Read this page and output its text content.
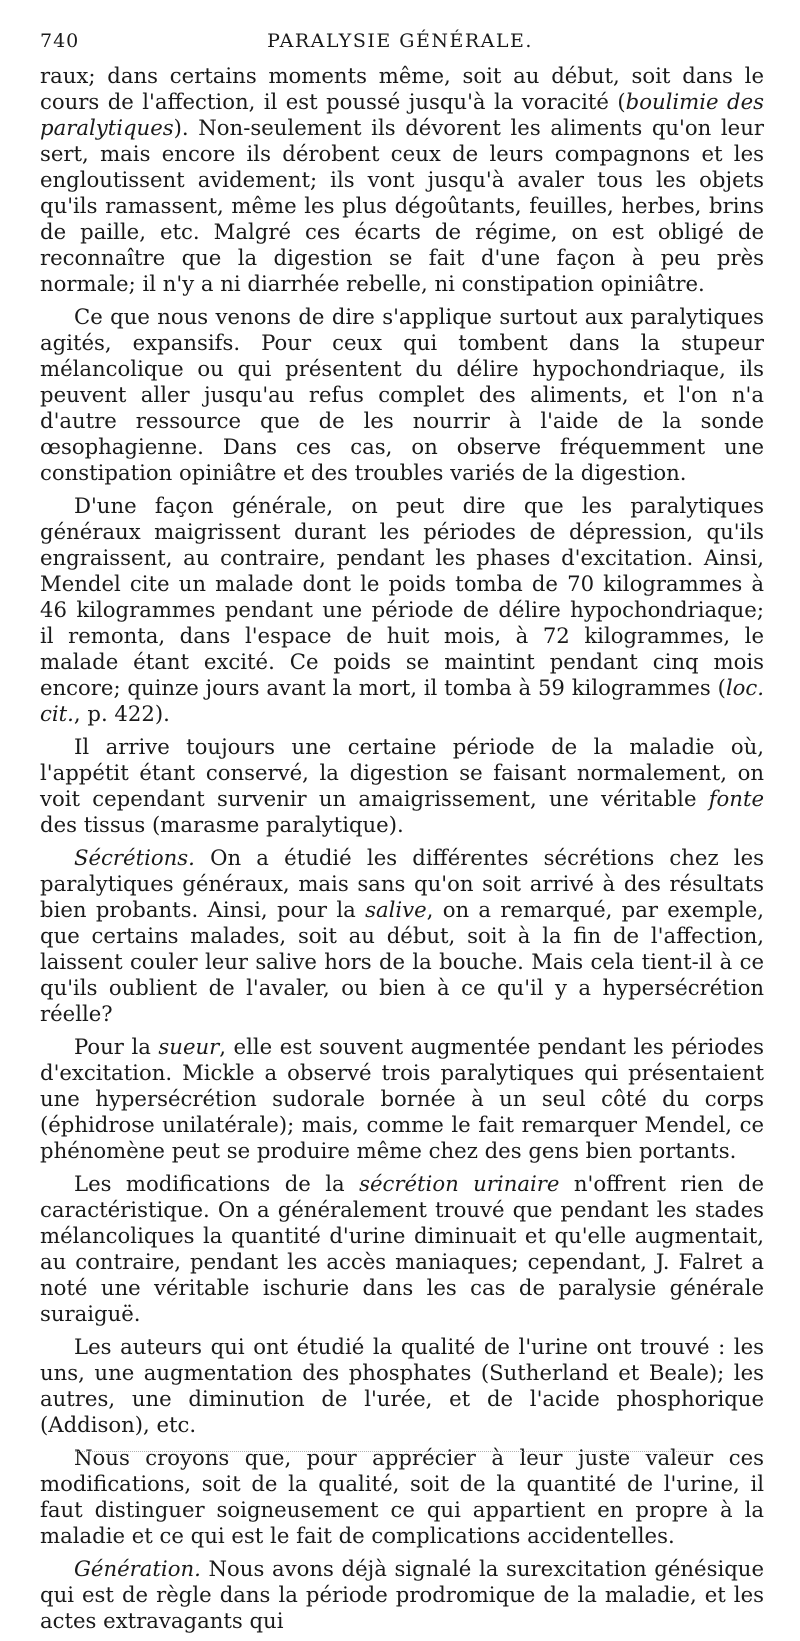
740	PARALYSIE GÉNÉRALE.

raux; dans certains moments même, soit au début, soit dans le cours de l'affection, il est poussé jusqu'à la voracité (boulimie des paralytiques). Non-seulement ils dévorent les aliments qu'on leur sert, mais encore ils dérobent ceux de leurs compagnons et les engloutissent avidement; ils vont jusqu'à avaler tous les objets qu'ils ramassent, même les plus dégoûtants, feuilles, herbes, brins de paille, etc. Malgré ces écarts de régime, on est obligé de reconnaître que la digestion se fait d'une façon à peu près normale; il n'y a ni diarrhée rebelle, ni constipation opiniâtre.

Ce que nous venons de dire s'applique surtout aux paralytiques agités, expansifs. Pour ceux qui tombent dans la stupeur mélancolique ou qui présentent du délire hypochondriaque, ils peuvent aller jusqu'au refus complet des aliments, et l'on n'a d'autre ressource que de les nourrir à l'aide de la sonde œsophagienne. Dans ces cas, on observe fréquemment une constipation opiniâtre et des troubles variés de la digestion.

D'une façon générale, on peut dire que les paralytiques généraux maigrissent durant les périodes de dépression, qu'ils engraissent, au contraire, pendant les phases d'excitation. Ainsi, Mendel cite un malade dont le poids tomba de 70 kilogrammes à 46 kilogrammes pendant une période de délire hypochondriaque; il remonta, dans l'espace de huit mois, à 72 kilogrammes, le malade étant excité. Ce poids se maintint pendant cinq mois encore; quinze jours avant la mort, il tomba à 59 kilogrammes (loc. cit., p. 422).

Il arrive toujours une certaine période de la maladie où, l'appétit étant conservé, la digestion se faisant normalement, on voit cependant survenir un amaigrissement, une véritable fonte des tissus (marasme paralytique).

Sécrétions. On a étudié les différentes sécrétions chez les paralytiques généraux, mais sans qu'on soit arrivé à des résultats bien probants. Ainsi, pour la salive, on a remarqué, par exemple, que certains malades, soit au début, soit à la fin de l'affection, laissent couler leur salive hors de la bouche. Mais cela tient-il à ce qu'ils oublient de l'avaler, ou bien à ce qu'il y a hypersécrétion réelle?

Pour la sueur, elle est souvent augmentée pendant les périodes d'excitation. Mickle a observé trois paralytiques qui présentaient une hypersécrétion sudorale bornée à un seul côté du corps (éphidrose unilatérale); mais, comme le fait remarquer Mendel, ce phénomène peut se produire même chez des gens bien portants.

Les modifications de la sécrétion urinaire n'offrent rien de caractéristique. On a généralement trouvé que pendant les stades mélancoliques la quantité d'urine diminuait et qu'elle augmentait, au contraire, pendant les accès maniaques; cependant, J. Falret a noté une véritable ischurie dans les cas de paralysie générale suraiguë.

Les auteurs qui ont étudié la qualité de l'urine ont trouvé : les uns, une augmentation des phosphates (Sutherland et Beale); les autres, une diminution de l'urée, et de l'acide phosphorique (Addison), etc.

Nous croyons que, pour apprécier à leur juste valeur ces modifications, soit de la qualité, soit de la quantité de l'urine, il faut distinguer soigneusement ce qui appartient en propre à la maladie et ce qui est le fait de complications accidentelles.

Génération. Nous avons déjà signalé la surexcitation génésique qui est de règle dans la période prodromique de la maladie, et les actes extravagants qui
